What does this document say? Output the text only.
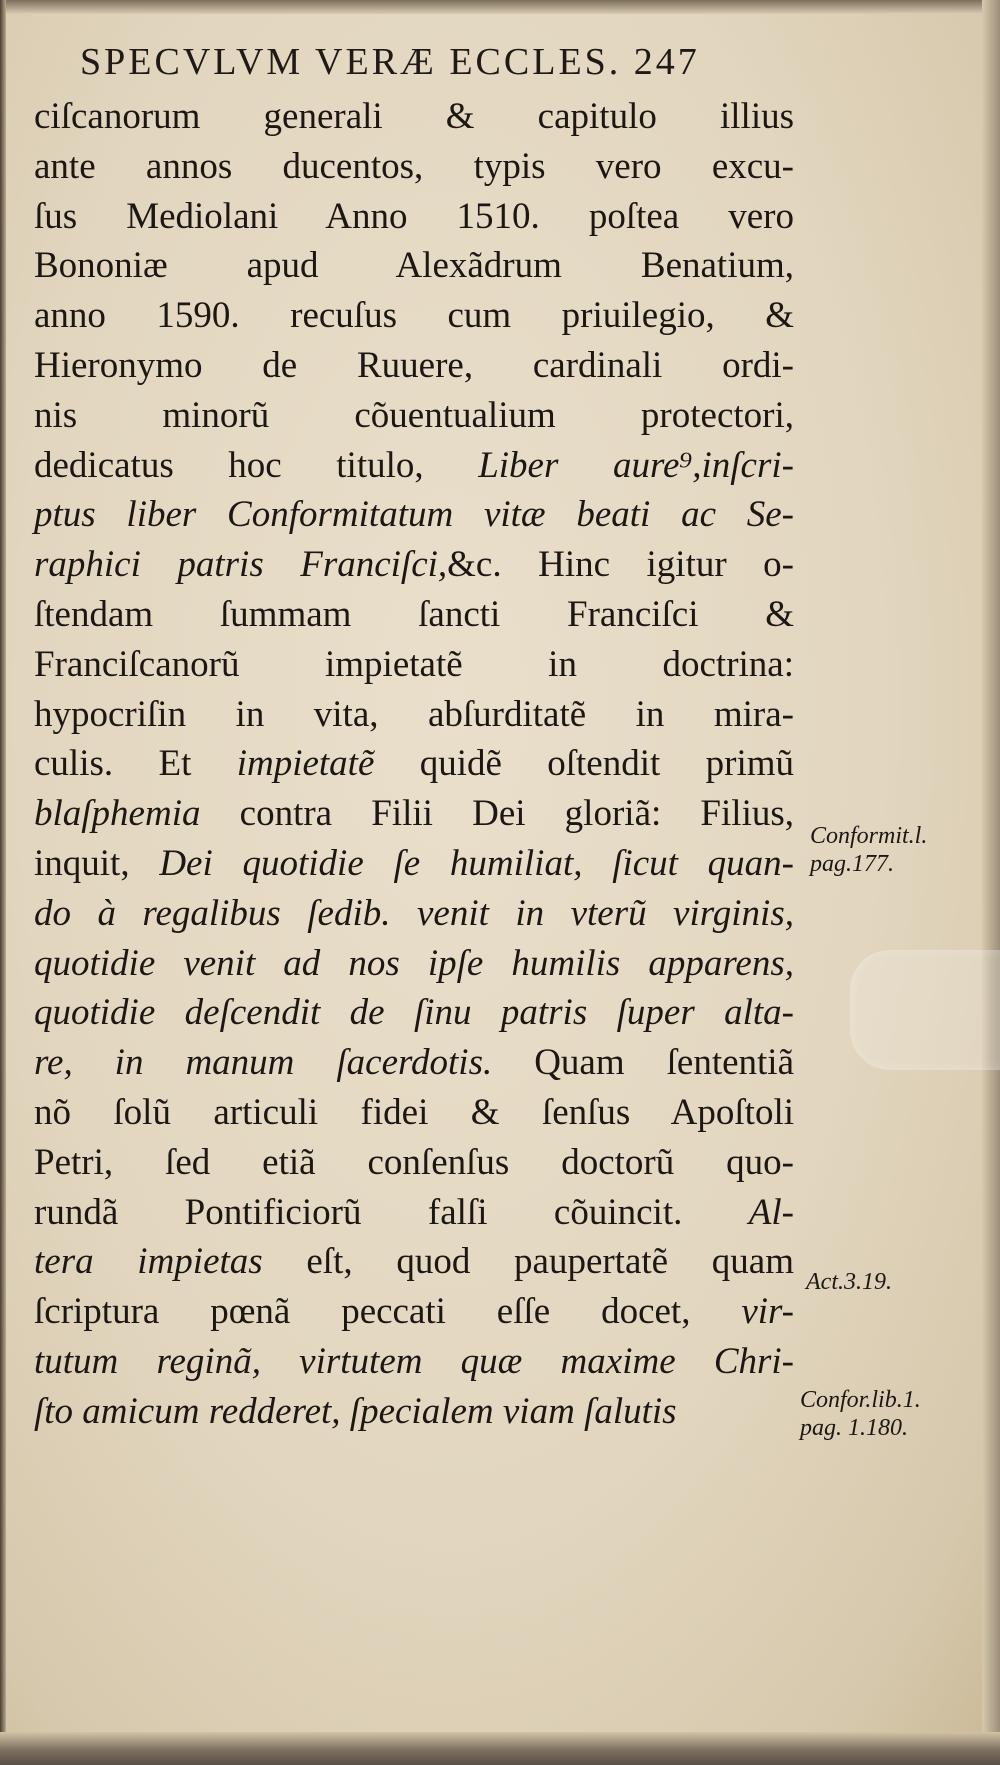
SPECVLVM VERÆ ECCLES. 247
ciſcanorum generali & capitulo illius
ante annos ducentos, typis vero excu-
ſus Mediolani Anno 1510. poſtea vero
Bononiæ apud Alexãdrum Benatium,
anno 1590. recuſus cum priuilegio, &
Hieronymo de Ruuere, cardinali ordi-
nis minorũ cõuentualium protectori,
dedicatus hoc titulo, Liber aure⁹,inſcri-
ptus liber Conformitatum vitæ beati ac Se-
raphici patris Franciſci,&c. Hinc igitur o-
ſtendam ſummam ſancti Franciſci &
Franciſcanorũ impietatẽ in doctrina:
hypocriſin in vita, abſurditatẽ in mira-
culis. Et impietatẽ quidẽ oſtendit primũ
blaſphemia contra Filii Dei gloriã: Filius,
inquit, Dei quotidie ſe humiliat, ſicut quan-
do à regalibus ſedib. venit in vterũ virginis,
quotidie venit ad nos ipſe humilis apparens,
quotidie deſcendit de ſinu patris ſuper alta-
re, in manum ſacerdotis. Quam ſententiã
nõ ſolũ articuli fidei & ſenſus Apoſtoli
Petri, ſed etiã conſenſus doctorũ quo-
rundã Pontificiorũ falſi cõuincit. Al-
tera impietas eſt, quod paupertatẽ quam
ſcriptura pœnã peccati eſſe docet, vir-
tutum reginã, virtutem quæ maxime Chri-
ſto amicum redderet, ſpecialem viam ſalutis
Conformit.l.
pag.177.
Act.3.19.
Confor.lib.1.
pag. 1.180.
